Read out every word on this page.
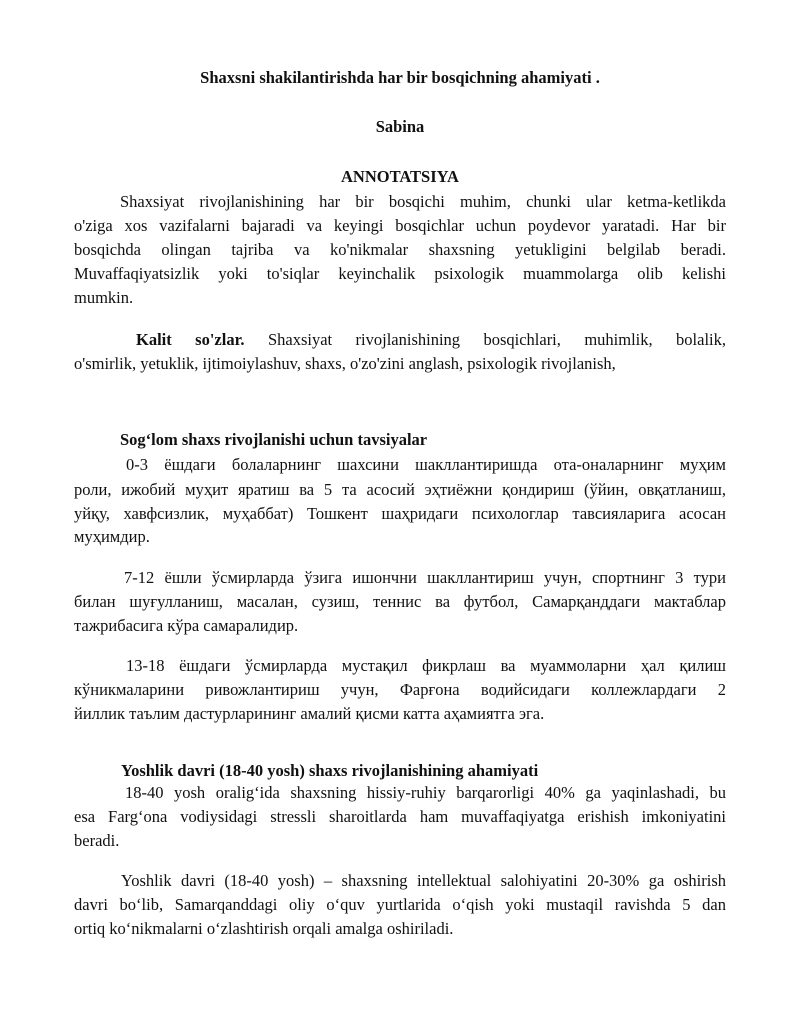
Shaxsni shakilantirishda har bir bosqichning ahamiyati .
Sabina
ANNOTATSIYA
Shaxsiyat rivojlanishining har bir bosqichi muhim, chunki ular ketma-ketlikda
o'ziga xos vazifalarni bajaradi va keyingi bosqichlar uchun poydevor yaratadi. Har bir
bosqichda olingan tajriba va ko'nikmalar shaxsning yetukligini belgilab beradi.
Muvaffaqiyatsizlik yoki to'siqlar keyinchalik psixologik muammolarga olib kelishi
mumkin.
Kalit so'zlar. Shaxsiyat rivojlanishining bosqichlari, muhimlik, bolalik,
o'smirlik, yetuklik, ijtimoiylashuv, shaxs, o'zo'zini anglash, psixologik rivojlanish,
Sog‘lom shaxs rivojlanishi uchun tavsiyalar
0-3 ёшдаги болаларнинг шахсини шакллантиришда ота-оналарнинг муҳим
роли, ижобий муҳит яратиш ва 5 та асосий эҳтиёжни қондириш (ўйин, овқатланиш,
уйқу, хавфсизлик, муҳаббат) Тошкент шаҳридаги психологлар тавсияларига асосан
муҳимдир.
7-12 ёшли ўсмирларда ўзига ишончни шакллантириш учун, спортнинг 3 тури
билан шуғулланиш, масалан, сузиш, теннис ва футбол, Самарқанддаги мактаблар
тажрибасига кўра самаралидир.
13-18 ёшдаги ўсмирларда мустақил фикрлаш ва муаммоларни ҳал қилиш
кўникмаларини ривожлантириш учун, Фарғона водийсидаги коллежлардаги 2
йиллик таълим дастурларининг амалий қисми катта аҳамиятга эга.
Yoshlik davri (18-40 yosh) shaxs rivojlanishining ahamiyati
18-40 yosh oralig‘ida shaxsning hissiy-ruhiy barqarorligi 40% ga yaqinlashadi, bu
esa Farg‘ona vodiysidagi stressli sharoitlarda ham muvaffaqiyatga erishish imkoniyatini
beradi.
Yoshlik davri (18-40 yosh) – shaxsning intellektual salohiyatini 20-30% ga oshirish
davri bo‘lib, Samarqanddagi oliy o‘quv yurtlarida o‘qish yoki mustaqil ravishda 5 dan
ortiq ko‘nikmalarni o‘zlashtirish orqali amalga oshiriladi.
